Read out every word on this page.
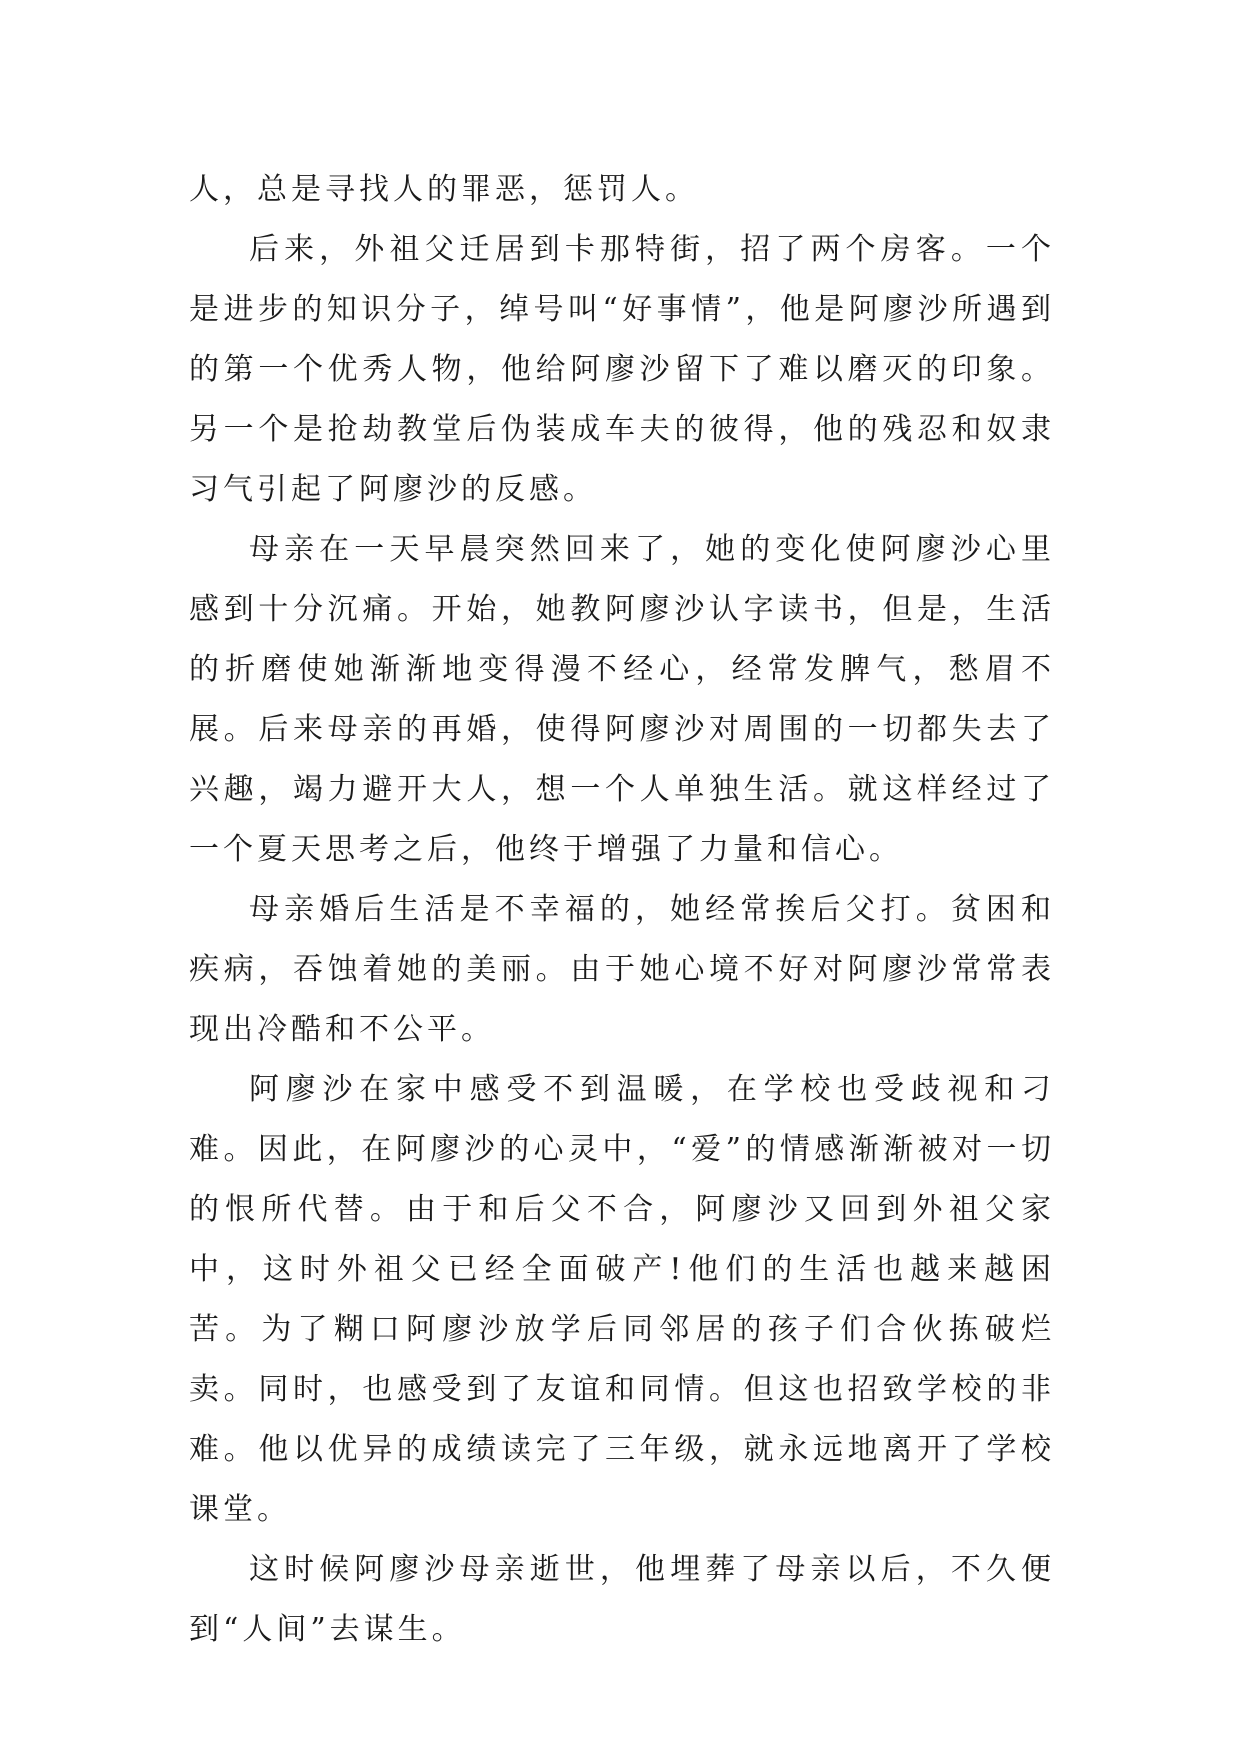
人，总是寻找人的罪恶，惩罚人。

后来，外祖父迁居到卡那特街，招了两个房客。一个是进步的知识分子，绰号叫“好事情”，他是阿廖沙所遇到的第一个优秀人物，他给阿廖沙留下了难以磨灭的印象。另一个是抢劫教堂后伪装成车夫的彼得，他的残忍和奴隶习气引起了阿廖沙的反感。

母亲在一天早晨突然回来了，她的变化使阿廖沙心里感到十分沉痛。开始，她教阿廖沙认字读书，但是，生活的折磨使她渐渐地变得漫不经心，经常发脾气，愁眉不展。后来母亲的再婚，使得阿廖沙对周围的一切都失去了兴趣，竭力避开大人，想一个人单独生活。就这样经过了一个夏天思考之后，他终于增强了力量和信心。

母亲婚后生活是不幸福的，她经常挨后父打。贫困和疾病，吞蚀着她的美丽。由于她心境不好对阿廖沙常常表现出冷酷和不公平。

阿廖沙在家中感受不到温暖，在学校也受歧视和刁难。因此，在阿廖沙的心灵中，“爱”的情感渐渐被对一切的恨所代替。由于和后父不合，阿廖沙又回到外祖父家中，这时外祖父已经全面破产!他们的生活也越来越困苦。为了糊口阿廖沙放学后同邻居的孩子们合伙拣破烂卖。同时，也感受到了友谊和同情。但这也招致学校的非难。他以优异的成绩读完了三年级，就永远地离开了学校课堂。

这时候阿廖沙母亲逝世，他埋葬了母亲以后，不久便到“人间”去谋生。
